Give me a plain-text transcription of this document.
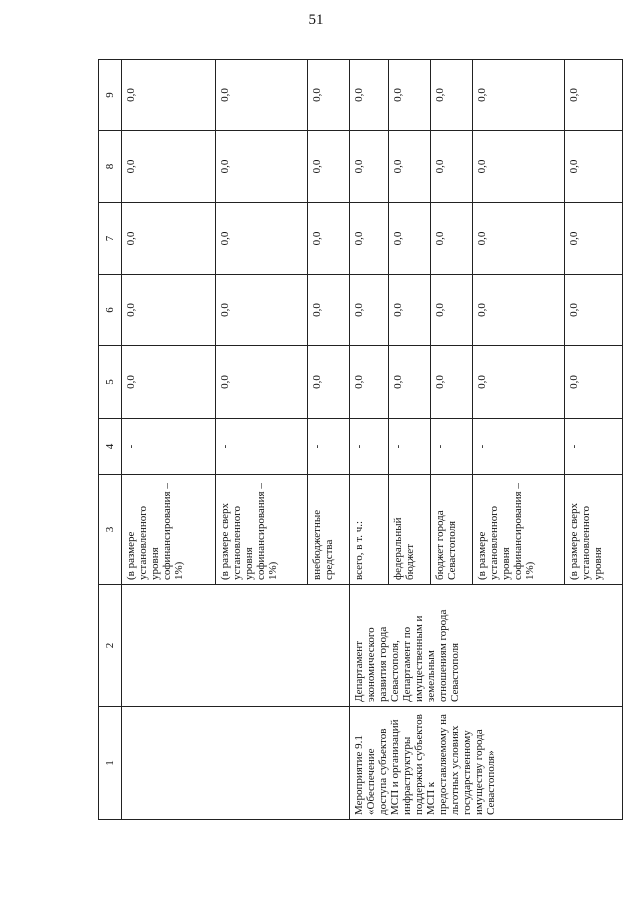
51
1	2	3	4	5	6	7	8	9
		(в размере установленного уровня софинансирования – 1%)	-	0,0	0,0	0,0	0,0	0,0
		(в размере сверх установленного уровня софинансирования – 1%)	-	0,0	0,0	0,0	0,0	0,0
		внебюджетные средства	-	0,0	0,0	0,0	0,0	0,0
Мероприятие 9.1 «Обеспечение доступа субъектов МСП и организаций инфраструктуры поддержки субъектов МСП к предоставляемому на льготных условиях государственному имуществу города Севастополя»	Департамент экономического развития города Севастополя, Департамент по имущественным и земельным отношениям города Севастополя	всего, в т. ч.:	-	0,0	0,0	0,0	0,0	0,0
		федеральный бюджет	-	0,0	0,0	0,0	0,0	0,0
		бюджет города Севастополя	-	0,0	0,0	0,0	0,0	0,0
		(в размере установленного уровня софинансирования – 1%)	-	0,0	0,0	0,0	0,0	0,0
		(в размере сверх установленного уровня	-	0,0	0,0	0,0	0,0	0,0
